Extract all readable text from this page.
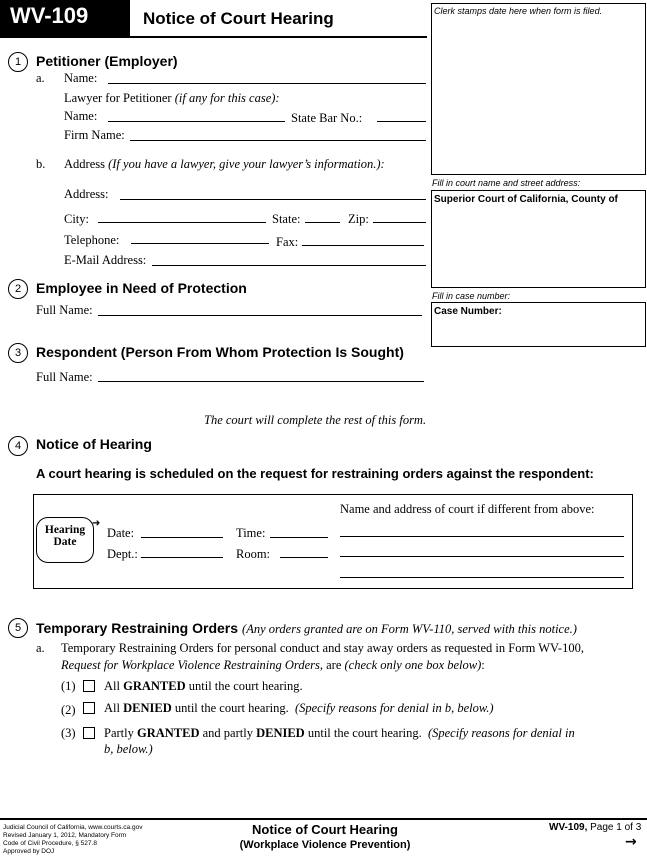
WV-109	Notice of Court Hearing	Clerk stamps date here when form is filed.
Fill in court name and street address:
Superior Court of California, County of
Fill in case number:
Case Number:
1	Petitioner (Employer)
a. Name:
Lawyer for Petitioner (if any for this case):
Name:	State Bar No.:
Firm Name:
b. Address (If you have a lawyer, give your lawyer’s information.):
Address:
City:	State:	Zip:
Telephone:	Fax:
E-Mail Address:
2	Employee in Need of Protection
Full Name:
3	Respondent (Person From Whom Protection Is Sought)
Full Name:
The court will complete the rest of this form.
4	Notice of Hearing
A court hearing is scheduled on the request for restraining orders against the respondent:
Hearing
Date
➜
Date:	Time:
Dept.:	Room:
Name and address of court if different from above:
5	Temporary Restraining Orders (Any orders granted are on Form WV-110, served with this notice.)
a. Temporary Restraining Orders for personal conduct and stay away orders as requested in Form WV-100,
Request for Workplace Violence Restraining Orders, are (check only one box below):
(1) All GRANTED until the court hearing.
(2) All DENIED until the court hearing. (Specify reasons for denial in b, below.)
(3) Partly GRANTED and partly DENIED until the court hearing. (Specify reasons for denial in
b, below.)
Judicial Council of California, www.courts.ca.gov
Revised January 1, 2012, Mandatory Form
Code of Civil Procedure, § 527.8
Approved by DOJ
Notice of Court Hearing
(Workplace Violence Prevention)
WV-109, Page 1 of 3
→
